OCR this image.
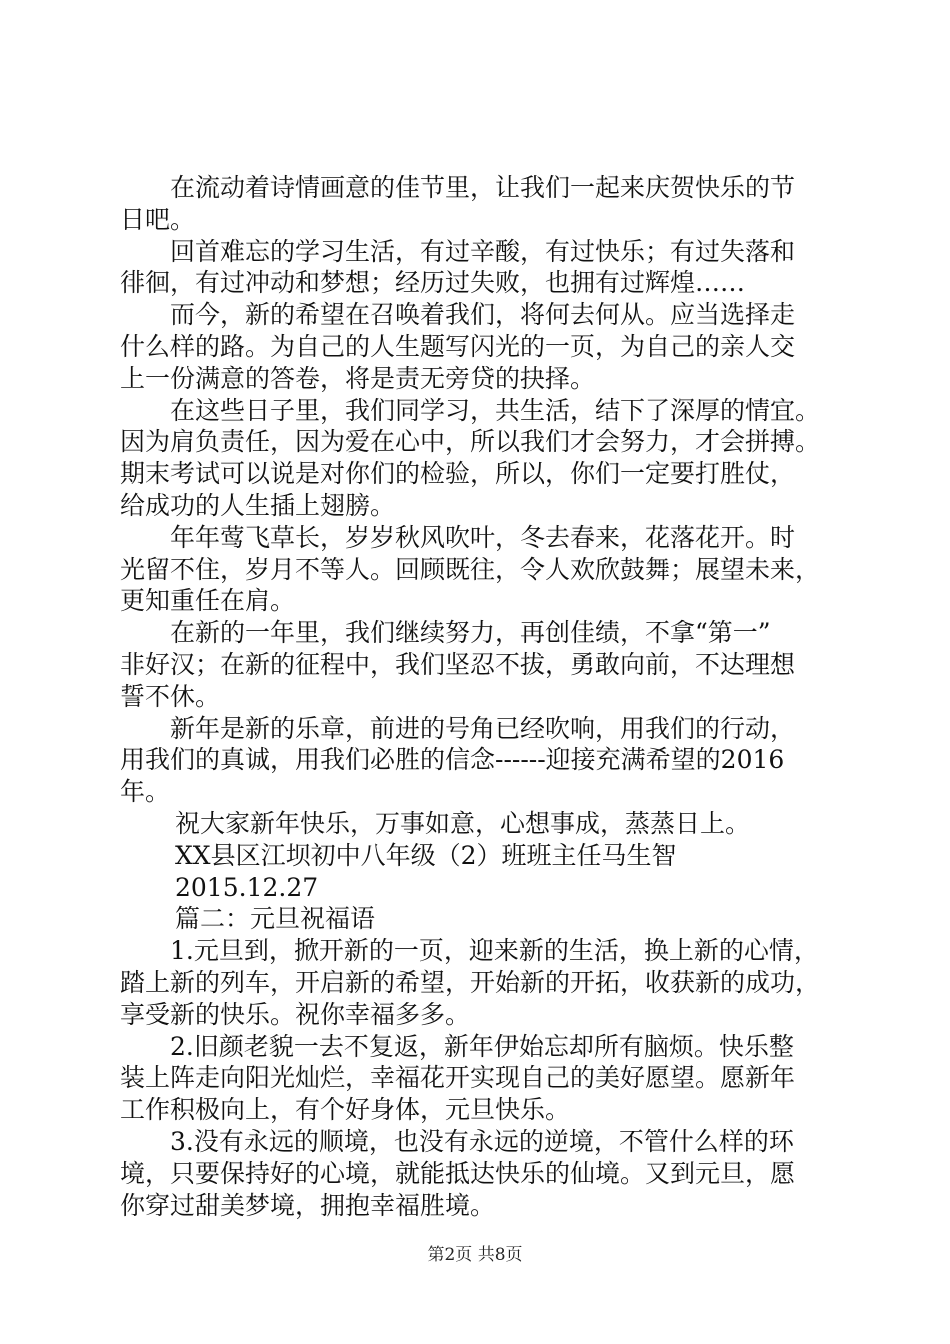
在流动着诗情画意的佳节里，让我们一起来庆贺快乐的节
日吧。
回首难忘的学习生活，有过辛酸，有过快乐；有过失落和
徘徊，有过冲动和梦想；经历过失败，也拥有过辉煌……
而今，新的希望在召唤着我们，将何去何从。应当选择走
什么样的路。为自己的人生题写闪光的一页，为自己的亲人交
上一份满意的答卷，将是责无旁贷的抉择。
在这些日子里，我们同学习，共生活，结下了深厚的情宜。
因为肩负责任，因为爱在心中，所以我们才会努力，才会拼搏。
期末考试可以说是对你们的检验，所以，你们一定要打胜仗，
给成功的人生插上翅膀。
年年莺飞草长，岁岁秋风吹叶，冬去春来，花落花开。时
光留不住，岁月不等人。回顾既往，令人欢欣鼓舞；展望未来，
更知重任在肩。
在新的一年里，我们继续努力，再创佳绩，不拿“第一”
非好汉；在新的征程中，我们坚忍不拔，勇敢向前，不达理想
誓不休。
新年是新的乐章，前进的号角已经吹响，用我们的行动，
用我们的真诚，用我们必胜的信念------迎接充满希望的2016
年。

祝大家新年快乐，万事如意，心想事成，蒸蒸日上。

XX县区江坝初中八年级（2）班班主任马生智

2015.12.27

篇二：元旦祝福语

1.元旦到，掀开新的一页，迎来新的生活，换上新的心情，
踏上新的列车，开启新的希望，开始新的开拓，收获新的成功，
享受新的快乐。祝你幸福多多。
2.旧颜老貌一去不复返，新年伊始忘却所有脑烦。快乐整
装上阵走向阳光灿烂，幸福花开实现自己的美好愿望。愿新年
工作积极向上，有个好身体，元旦快乐。
3.没有永远的顺境，也没有永远的逆境，不管什么样的环
境，只要保持好的心境，就能抵达快乐的仙境。又到元旦，愿
你穿过甜美梦境，拥抱幸福胜境。
第2页 共8页
